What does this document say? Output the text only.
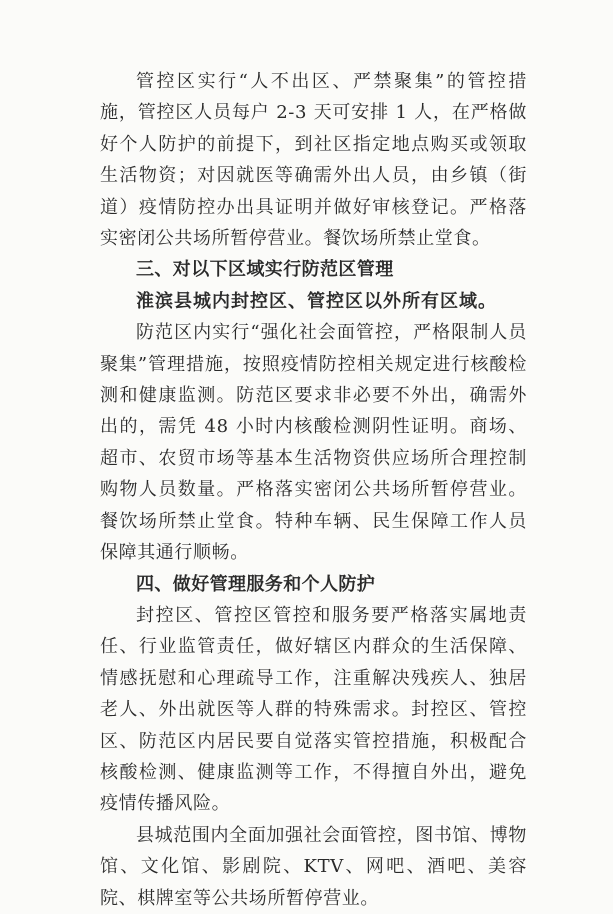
管控区实行“人不出区、严禁聚集”的管控措施，管控区人员每户 2-3 天可安排 1 人，在严格做好个人防护的前提下，到社区指定地点购买或领取生活物资；对因就医等确需外出人员，由乡镇（街道）疫情防控办出具证明并做好审核登记。严格落实密闭公共场所暂停营业。餐饮场所禁止堂食。

三、对以下区域实行防范区管理

淮滨县城内封控区、管控区以外所有区域。

防范区内实行“强化社会面管控，严格限制人员聚集”管理措施，按照疫情防控相关规定进行核酸检测和健康监测。防范区要求非必要不外出，确需外出的，需凭 48 小时内核酸检测阴性证明。商场、超市、农贸市场等基本生活物资供应场所合理控制购物人员数量。严格落实密闭公共场所暂停营业。餐饮场所禁止堂食。特种车辆、民生保障工作人员保障其通行顺畅。

四、做好管理服务和个人防护

封控区、管控区管控和服务要严格落实属地责任、行业监管责任，做好辖区内群众的生活保障、情感抚慰和心理疏导工作，注重解决残疾人、独居老人、外出就医等人群的特殊需求。封控区、管控区、防范区内居民要自觉落实管控措施，积极配合核酸检测、健康监测等工作，不得擅自外出，避免疫情传播风险。

县城范围内全面加强社会面管控，图书馆、博物馆、文化馆、影剧院、KTV、网吧、酒吧、美容院、棋牌室等公共场所暂停营业。
